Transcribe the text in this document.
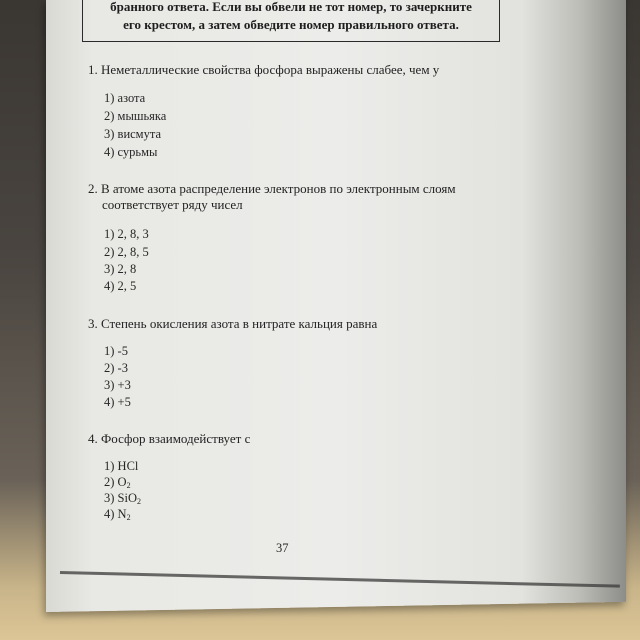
бранного ответа. Если вы обвели не тот номер, то зачеркните
его крестом, а затем обведите номер правильного ответа.
1. Неметаллические свойства фосфора выражены слабее, чем у
1) азота
2) мышьяка
3) висмута
4) сурьмы
2. В атоме азота распределение электронов по электронным слоям
соответствует ряду чисел
1) 2, 8, 3
2) 2, 8, 5
3) 2, 8
4) 2, 5
3. Степень окисления азота в нитрате кальция равна
1) -5
2) -3
3) +3
4) +5
4. Фосфор взаимодействует с
1) HCl
2) $O_2$
3) SiO$_2$
4) $N_2$
37
